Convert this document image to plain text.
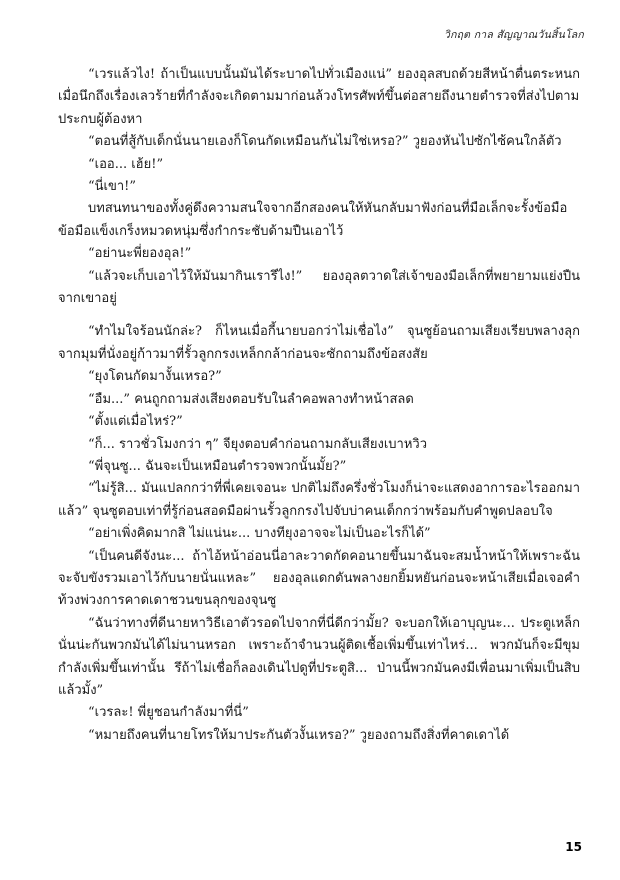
วิกฤต กาล สัญญาณวันสิ้นโลก

“เวรแล้วไง! ถ้าเป็นแบบนั้นมันได้ระบาดไปทั่วเมืองแน่” ยองอุลสบถด้วยสีหน้าตื่นตระหนกเมื่อนึกถึงเรื่องเลวร้ายที่กำลังจะเกิดตามมาก่อนล้วงโทรศัพท์ขึ้นต่อสายถึงนายตำรวจที่ส่งไปตามประกบผู้ต้องหา

“ตอนที่สู้กับเด็กนั่นนายเองก็โดนกัดเหมือนกันไม่ใช่เหรอ?” วูยองหันไปซักไซ้คนใกล้ตัว

“เออ... เฮ้ย!”

“นี่เขา!”

บทสนทนาของทั้งคู่ดึงความสนใจจากอีกสองคนให้หันกลับมาฟังก่อนที่มือเล็กจะรั้งข้อมือข้อมือแข็งเกร็งหมวดหนุ่มซึ่งกำกระชับด้ามปืนเอาไว้

“อย่านะพี่ยองอุล!”

“แล้วจะเก็บเอาไว้ให้มันมากินเรารึไง!” ยองอุลตวาดใส่เจ้าของมือเล็กที่พยายามแย่งปืนจากเขาอยู่

“ทำไมใจร้อนนักล่ะ? ก็ไหนเมื่อกี้นายบอกว่าไม่เชื่อไง” จุนซูย้อนถามเสียงเรียบพลางลุกจากมุมที่นั่งอยู่ก้าวมาที่รั้วลูกกรงเหล็กกล้าก่อนจะซักถามถึงข้อสงสัย

“ยุงโดนกัดมางั้นเหรอ?”

“อืม...” คนถูกถามส่งเสียงตอบรับในลำคอพลางทำหน้าสลด

“ตั้งแต่เมื่อไหร่?”

“ก็... ราวชั่วโมงกว่า ๆ” จียุงตอบคำก่อนถามกลับเสียงเบาหวิว

“พี่จุนซู... ฉันจะเป็นเหมือนตำรวจพวกนั้นมั้ย?”

“ไม่รู้สิ... มันแปลกกว่าที่พี่เคยเจอนะ ปกติไม่ถึงครึ่งชั่วโมงก็น่าจะแสดงอาการอะไรออกมาแล้ว” จุนซูตอบเท่าที่รู้ก่อนสอดมือผ่านรั้วลูกกรงไปจับบ่าคนเด็กกว่าพร้อมกับคำพูดปลอบใจ

“อย่าเพิ่งคิดมากสิ ไม่แน่นะ... บางทียุงอาจจะไม่เป็นอะไรก็ได้”

“เป็นคนดีจังนะ... ถ้าไอ้หน้าอ่อนนี่อาละวาดกัดคอนายขึ้นมาฉันจะสมน้ำหน้าให้เพราะฉันจะจับขังรวมเอาไว้กับนายนั่นแหละ” ยองอุลแดกดันพลางยกยิ้มหยันก่อนจะหน้าเสียเมื่อเจอคำท้วงพ่วงการคาดเดาชวนขนลุกของจุนซู

“ฉันว่าทางที่ดีนายหาวิธีเอาตัวรอดไปจากที่นี่ดีกว่ามั้ย? จะบอกให้เอาบุญนะ... ประตูเหล็กนั่นน่ะกันพวกมันได้ไม่นานหรอก เพราะถ้าจำนวนผู้ติดเชื้อเพิ่มขึ้นเท่าไหร่... พวกมันก็จะมีขุมกำลังเพิ่มขึ้นเท่านั้น รึถ้าไม่เชื่อก็ลองเดินไปดูที่ประตูสิ... ป่านนี้พวกมันคงมีเพื่อนมาเพิ่มเป็นสิบแล้วมั้ง”

“เวรละ! พี่ยูชอนกำลังมาที่นี่”

“หมายถึงคนที่นายโทรให้มาประกันตัวงั้นเหรอ?” วูยองถามถึงสิ่งที่คาดเดาได้

15
